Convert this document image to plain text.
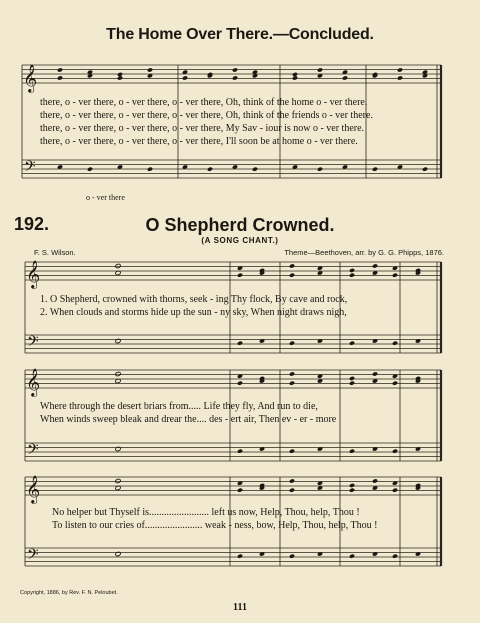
𝄞
𝄢
𝄞
𝄢
𝄞
𝄢
𝄞
𝄢
The Home Over There.—Concluded.
there, o - ver there, o - ver there, o - ver there, Oh, think of the home o - ver there.
there, o - ver there, o - ver there, o - ver there, Oh, think of the friends o - ver there.
there, o - ver there, o - ver there, o - ver there, My Sav - iour is now o - ver there.
there, o - ver there, o - ver there, o - ver there, I'll soon be at home o - ver there.
o - ver there
192.	O Shepherd Crowned.
(A SONG CHANT.)
F. S. Wilson.	Theme—Beethoven, arr. by G. G. Phipps, 1876.
1. O Shepherd, crowned with thorns, seek - ing Thy flock, By cave and rock,
2. When clouds and storms hide up the sun - ny sky, When night draws nigh,
Where through the desert briars from..... Life they fly, And run to die,
When winds sweep bleak and drear the.... des - ert air, Then ev - er - more
No helper but Thyself is........................ left us now, Help, Thou, help, Thou !
To listen to our cries of....................... weak - ness, bow, Help, Thou, help, Thou !
Copyright, 1886, by Rev. F. N. Peloubet.
111
